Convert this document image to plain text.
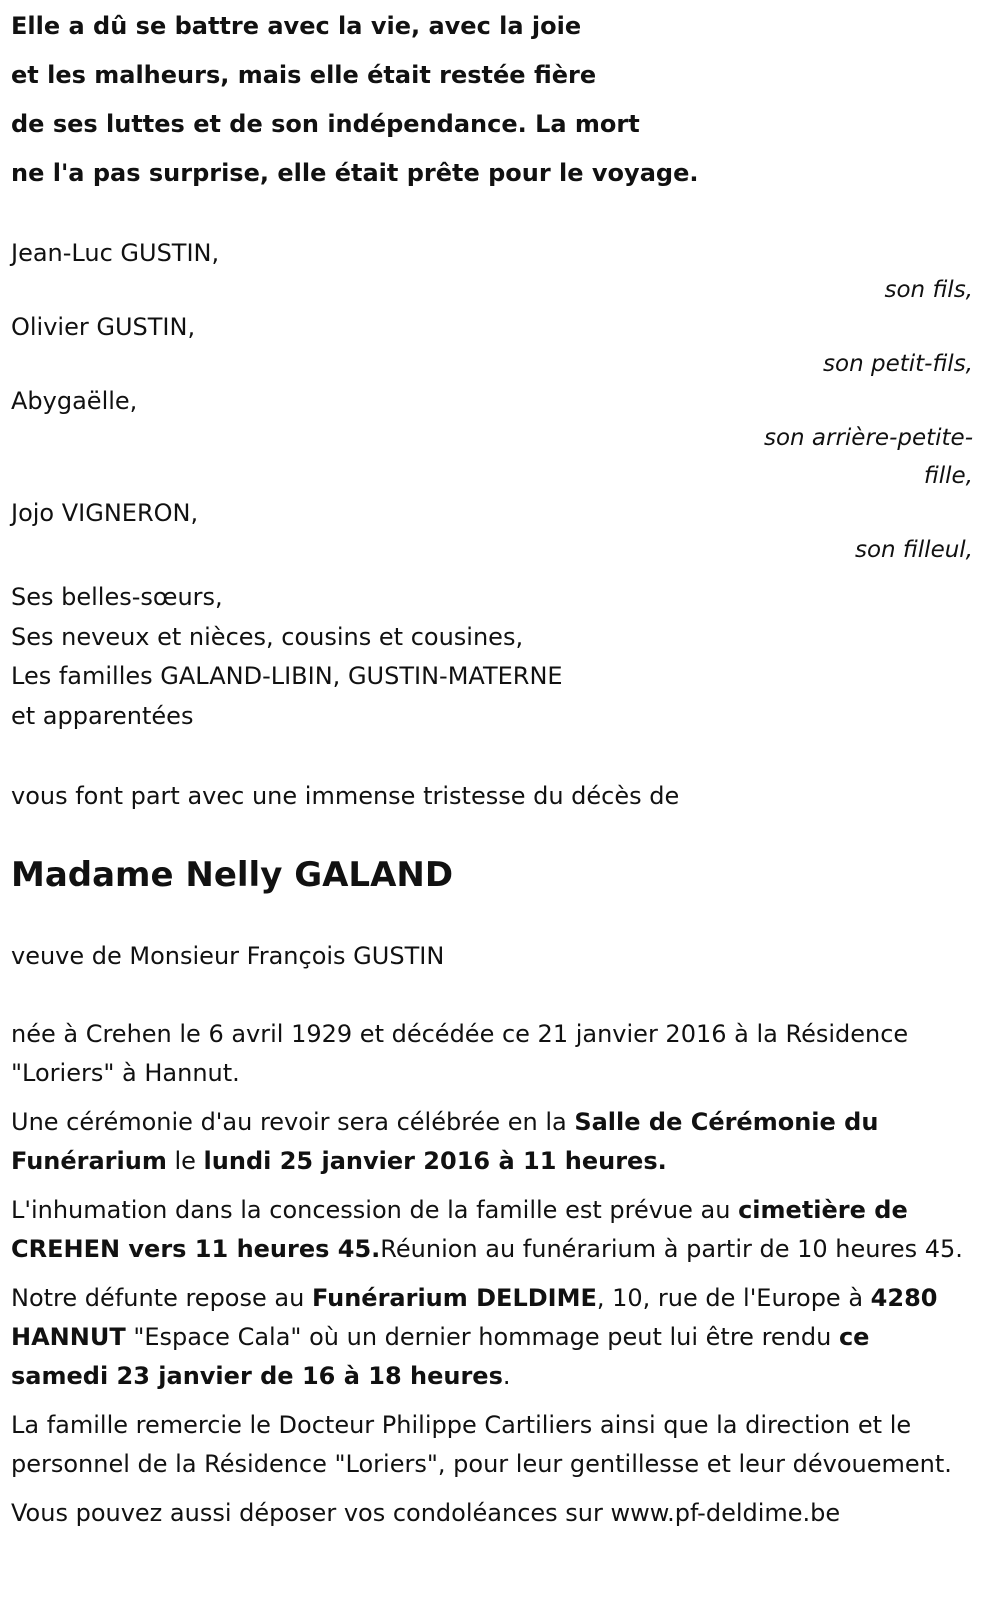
Elle a dû se battre avec la vie, avec la joie
et les malheurs, mais elle était restée fière
de ses luttes et de son indépendance. La mort
ne l'a pas surprise, elle était prête pour le voyage.
Jean-Luc GUSTIN,
son fils,
Olivier GUSTIN,
son petit-fils,
Abygaëlle,
son arrière-petite-
fille,
Jojo VIGNERON,
son filleul,
Ses belles-sœurs,
Ses neveux et nièces, cousins et cousines,
Les familles GALAND-LIBIN, GUSTIN-MATERNE
et apparentées
vous font part avec une immense tristesse du décès de
Madame Nelly GALAND
veuve de Monsieur François GUSTIN

née à Crehen le 6 avril 1929 et décédée ce 21 janvier 2016 à la Résidence "Loriers" à Hannut.

Une cérémonie d'au revoir sera célébrée en la Salle de Cérémonie du Funérarium le lundi 25 janvier 2016 à 11 heures.

L'inhumation dans la concession de la famille est prévue au cimetière de CREHEN vers 11 heures 45.Réunion au funérarium à partir de 10 heures 45.

Notre défunte repose au Funérarium DELDIME, 10, rue de l'Europe à 4280 HANNUT "Espace Cala" où un dernier hommage peut lui être rendu ce samedi 23 janvier de 16 à 18 heures.

La famille remercie le Docteur Philippe Cartiliers ainsi que la direction et le personnel de la Résidence "Loriers", pour leur gentillesse et leur dévouement.

Vous pouvez aussi déposer vos condoléances sur www.pf-deldime.be
